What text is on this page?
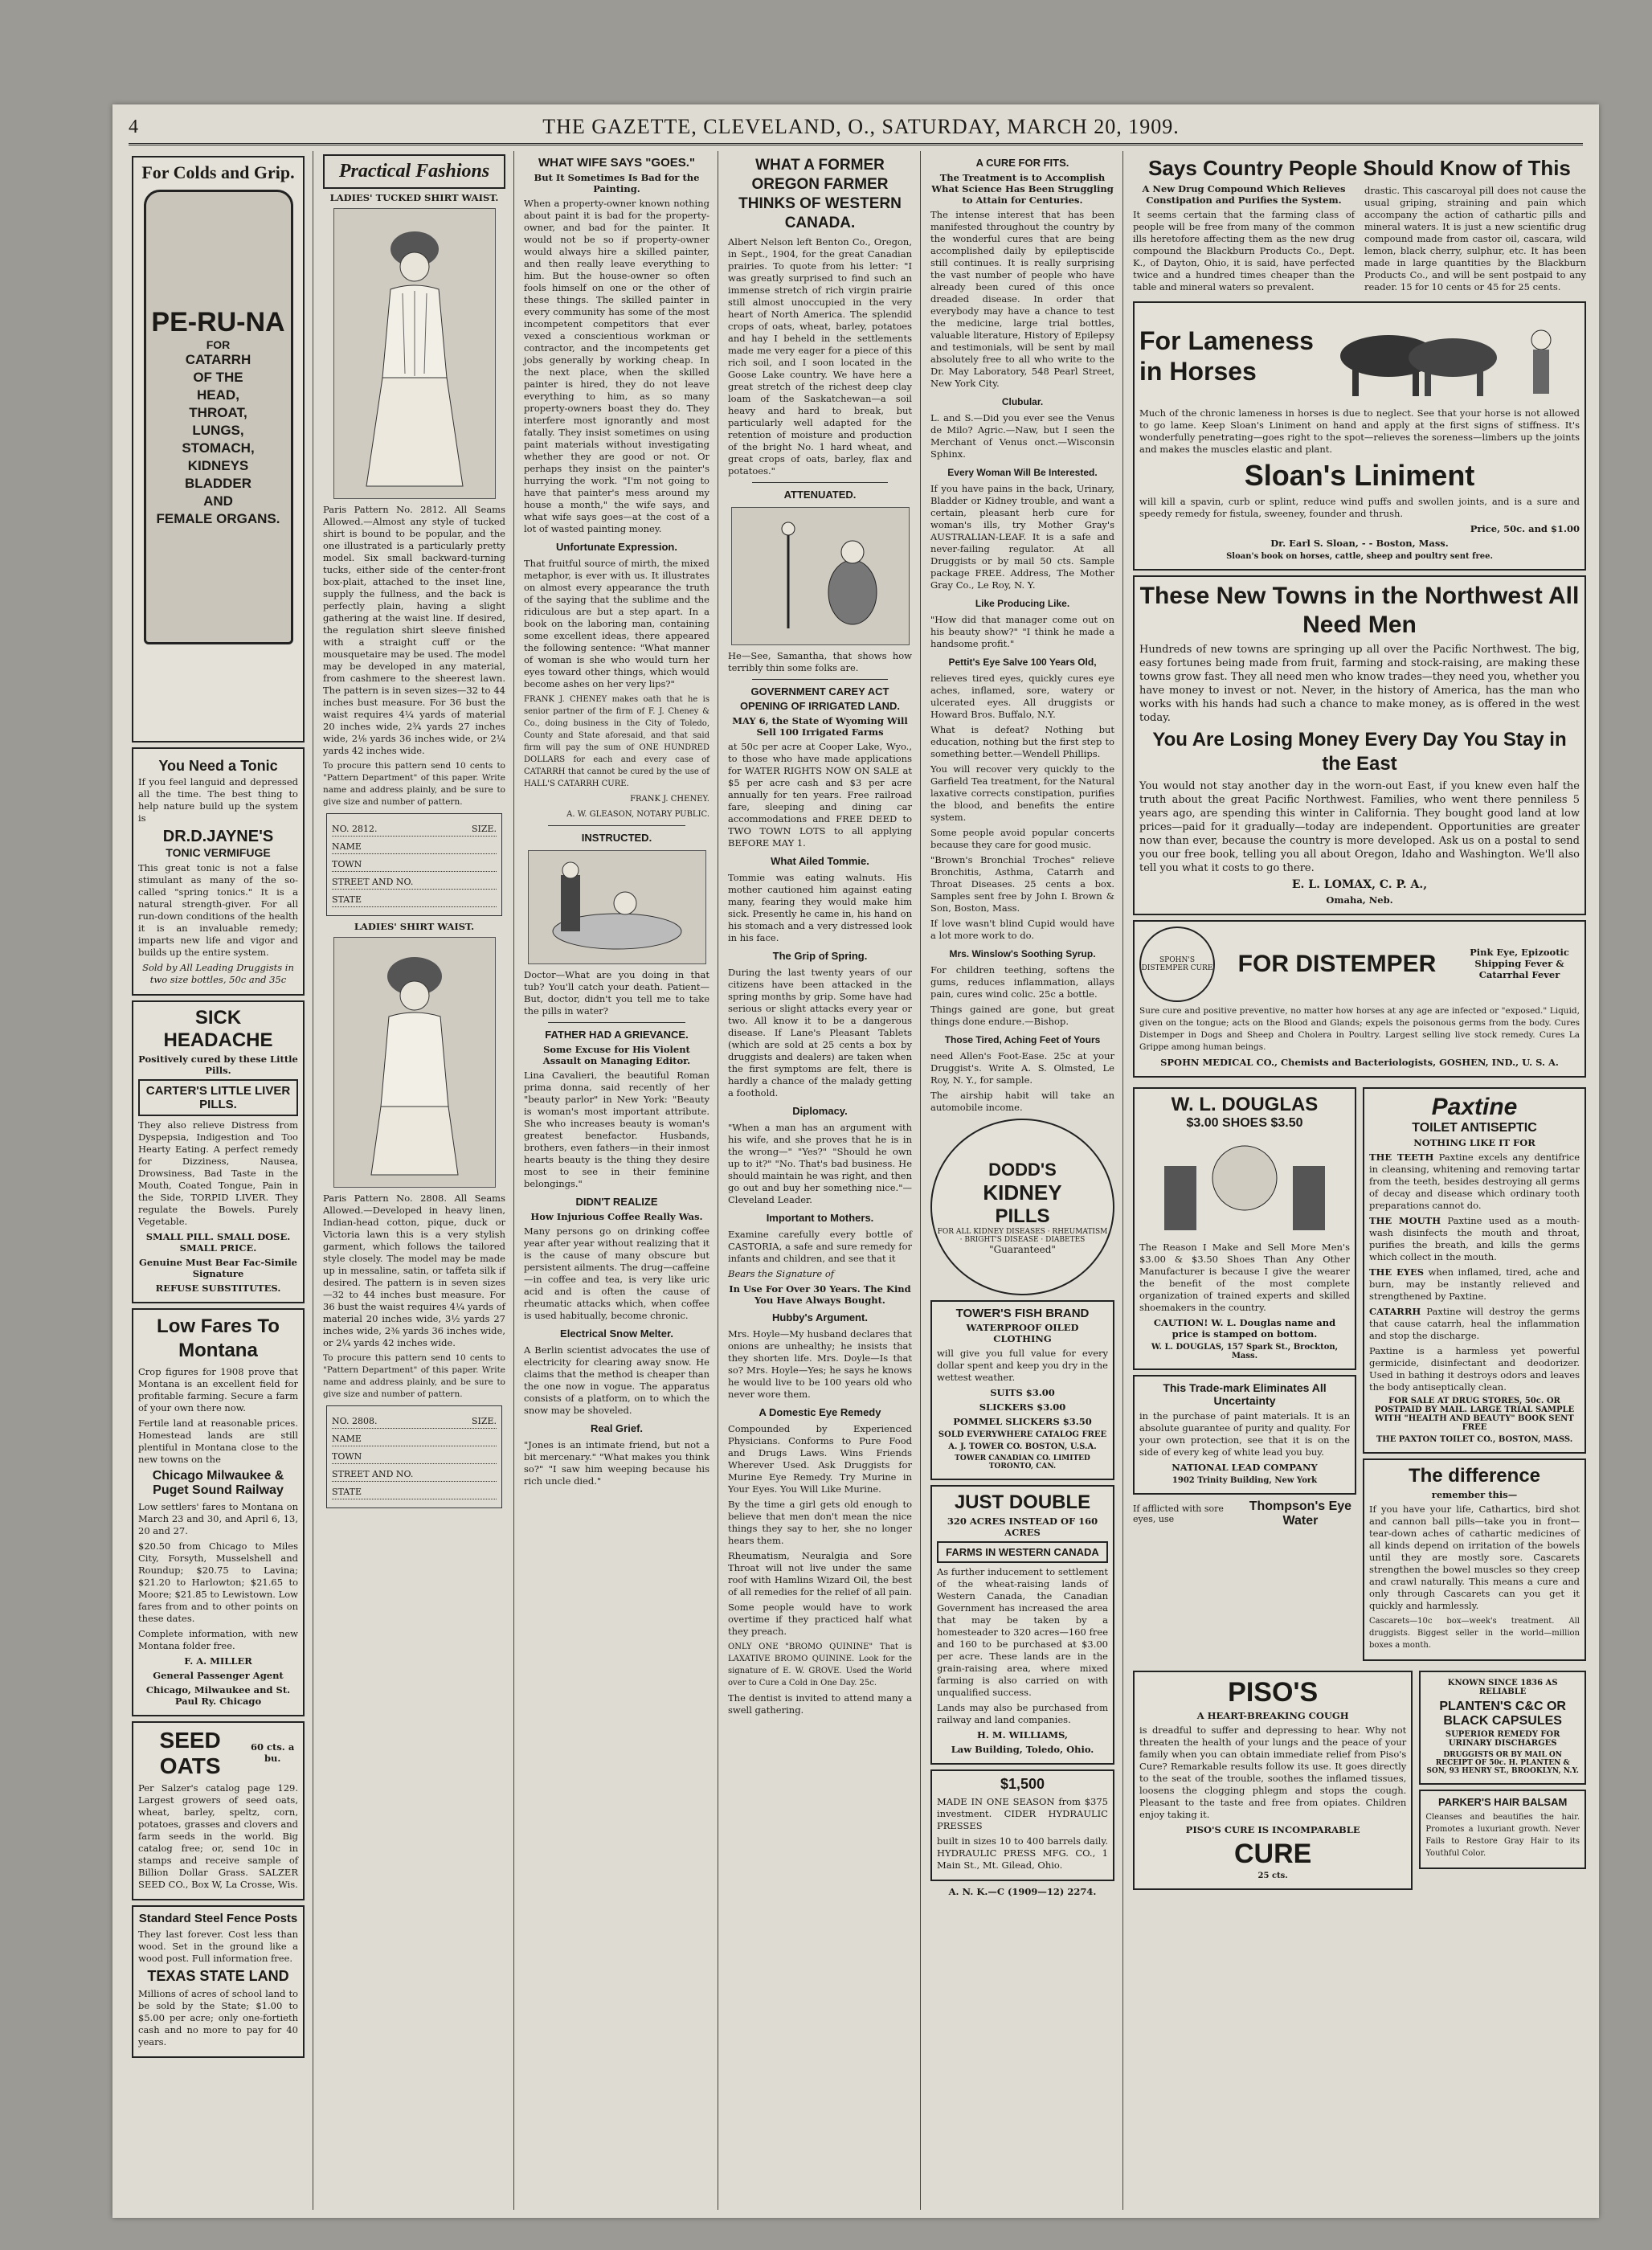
4	THE GAZETTE, CLEVELAND, O., SATURDAY, MARCH 20, 1909.
For Colds and Grip.
PE-RU-NA
FOR
CATARRH
OF THE
HEAD,
THROAT,
LUNGS,
STOMACH,
KIDNEYS
BLADDER
AND
FEMALE ORGANS.
You Need a Tonic
If you feel languid and depressed all the time. The best thing to help nature build up the system is
DR.D.JAYNE'S
TONIC VERMIFUGE
This great tonic is not a false stimulant as many of the so-called "spring tonics." It is a natural strength-giver. For all run-down conditions of the health it is an invaluable remedy; imparts new life and vigor and builds up the entire system.
Sold by All Leading Druggists in two size bottles, 50c and 35c
SICK HEADACHE
Positively cured by these Little Pills.
CARTER'S LITTLE LIVER PILLS.
They also relieve Distress from Dyspepsia, Indigestion and Too Hearty Eating. A perfect remedy for Dizziness, Nausea, Drowsiness, Bad Taste in the Mouth, Coated Tongue, Pain in the Side, TORPID LIVER. They regulate the Bowels. Purely Vegetable.
SMALL PILL. SMALL DOSE. SMALL PRICE.
Genuine Must Bear Fac-Simile Signature
REFUSE SUBSTITUTES.
Low Fares To Montana
Crop figures for 1908 prove that Montana is an excellent field for profitable farming. Secure a farm of your own there now.
Fertile land at reasonable prices. Homestead lands are still plentiful in Montana close to the new towns on the
Chicago Milwaukee & Puget Sound Railway
Low settlers' fares to Montana on March 23 and 30, and April 6, 13, 20 and 27.
$20.50 from Chicago to Miles City, Forsyth, Musselshell and Roundup; $20.75 to Lavina; $21.20 to Harlowton; $21.65 to Moore; $21.85 to Lewistown. Low fares from and to other points on these dates.
Complete information, with new Montana folder free.
F. A. MILLER
General Passenger Agent
Chicago, Milwaukee and St. Paul Ry. Chicago
SEED OATS
60 cts. a bu.
Per Salzer's catalog page 129. Largest growers of seed oats, wheat, barley, speltz, corn, potatoes, grasses and clovers and farm seeds in the world. Big catalog free; or, send 10c in stamps and receive sample of Billion Dollar Grass. SALZER SEED CO., Box W, La Crosse, Wis.
Standard Steel Fence Posts
They last forever. Cost less than wood. Set in the ground like a wood post. Full information free.
TEXAS STATE LAND
Millions of acres of school land to be sold by the State; $1.00 to $5.00 per acre; only one-fortieth cash and no more to pay for 40 years.
Practical Fashions
LADIES' TUCKED SHIRT WAIST.
Paris Pattern No. 2812. All Seams Allowed.—Almost any style of tucked shirt is bound to be popular, and the one illustrated is a particularly pretty model. Six small backward-turning tucks, either side of the center-front box-plait, attached to the inset line, supply the fullness, and the back is perfectly plain, having a slight gathering at the waist line. If desired, the regulation shirt sleeve finished with a straight cuff or the mousquetaire may be used. The model may be developed in any material, from cashmere to the sheerest lawn. The pattern is in seven sizes—32 to 44 inches bust measure. For 36 bust the waist requires 4¼ yards of material 20 inches wide, 2¾ yards 27 inches wide, 2⅛ yards 36 inches wide, or 2¼ yards 42 inches wide.
To procure this pattern send 10 cents to "Pattern Department" of this paper. Write name and address plainly, and be sure to give size and number of pattern.
NO. 2812.	SIZE.
NAME
TOWN
STREET AND NO.
STATE
LADIES' SHIRT WAIST.
Paris Pattern No. 2808. All Seams Allowed.—Developed in heavy linen, Indian-head cotton, pique, duck or Victoria lawn this is a very stylish garment, which follows the tailored style closely. The model may be made up in messaline, satin, or taffeta silk if desired. The pattern is in seven sizes—32 to 44 inches bust measure. For 36 bust the waist requires 4¼ yards of material 20 inches wide, 3½ yards 27 inches wide, 2⅜ yards 36 inches wide, or 2¼ yards 42 inches wide.
To procure this pattern send 10 cents to "Pattern Department" of this paper. Write name and address plainly, and be sure to give size and number of pattern.
NO. 2808.	SIZE.
NAME
TOWN
STREET AND NO.
STATE
WHAT WIFE SAYS "GOES."
But It Sometimes Is Bad for the Painting.
When a property-owner known nothing about paint it is bad for the property-owner, and bad for the painter. It would not be so if property-owner would always hire a skilled painter, and then really leave everything to him. But the house-owner so often fools himself on one or the other of these things. The skilled painter in every community has some of the most incompetent competitors that ever vexed a conscientious workman or contractor, and the incompetents get jobs generally by working cheap. In the next place, when the skilled painter is hired, they do not leave everything to him, as so many property-owners boast they do. They interfere most ignorantly and most fatally. They insist sometimes on using paint materials without investigating whether they are good or not. Or perhaps they insist on the painter's hurrying the work. "I'm not going to have that painter's mess around my house a month," the wife says, and what wife says goes—at the cost of a lot of wasted painting money.
Unfortunate Expression.
That fruitful source of mirth, the mixed metaphor, is ever with us. It illustrates on almost every appearance the truth of the saying that the sublime and the ridiculous are but a step apart. In a book on the laboring man, containing some excellent ideas, there appeared the following sentence: "What manner of woman is she who would turn her eyes toward other things, which would become ashes on her very lips?"
FRANK J. CHENEY makes oath that he is senior partner of the firm of F. J. Cheney & Co., doing business in the City of Toledo, County and State aforesaid, and that said firm will pay the sum of ONE HUNDRED DOLLARS for each and every case of CATARRH that cannot be cured by the use of HALL'S CATARRH CURE.
FRANK J. CHENEY.
A. W. GLEASON, NOTARY PUBLIC.
INSTRUCTED.
Doctor—What are you doing in that tub? You'll catch your death. Patient—But, doctor, didn't you tell me to take the pills in water?
FATHER HAD A GRIEVANCE.
Some Excuse for His Violent Assault on Managing Editor.
Lina Cavalieri, the beautiful Roman prima donna, said recently of her "beauty parlor" in New York: "Beauty is woman's most important attribute. She who increases beauty is woman's greatest benefactor. Husbands, brothers, even fathers—in their inmost hearts beauty is the thing they desire most to see in their feminine belongings."
DIDN'T REALIZE
How Injurious Coffee Really Was.
Many persons go on drinking coffee year after year without realizing that it is the cause of many obscure but persistent ailments. The drug—caffeine—in coffee and tea, is very like uric acid and is often the cause of rheumatic attacks which, when coffee is used habitually, become chronic.
Electrical Snow Melter.
A Berlin scientist advocates the use of electricity for clearing away snow. He claims that the method is cheaper than the one now in vogue. The apparatus consists of a platform, on to which the snow may be shoveled.
Real Grief.
"Jones is an intimate friend, but not a bit mercenary." "What makes you think so?" "I saw him weeping because his rich uncle died."
WHAT A FORMER OREGON FARMER THINKS OF WESTERN CANADA.
Albert Nelson left Benton Co., Oregon, in Sept., 1904, for the great Canadian prairies. To quote from his letter: "I was greatly surprised to find such an immense stretch of rich virgin prairie still almost unoccupied in the very heart of North America. The splendid crops of oats, wheat, barley, potatoes and hay I beheld in the settlements made me very eager for a piece of this rich soil, and I soon located in the Goose Lake country. We have here a great stretch of the richest deep clay loam of the Saskatchewan—a soil heavy and hard to break, but particularly well adapted for the retention of moisture and production of the bright No. 1 hard wheat, and great crops of oats, barley, flax and potatoes."
ATTENUATED.
He—See, Samantha, that shows how terribly thin some folks are.
GOVERNMENT CAREY ACT OPENING OF IRRIGATED LAND.
MAY 6, the State of Wyoming Will Sell 100 Irrigated Farms
at 50c per acre at Cooper Lake, Wyo., to those who have made applications for WATER RIGHTS NOW ON SALE at $5 per acre cash and $3 per acre annually for ten years. Free railroad fare, sleeping and dining car accommodations and FREE DEED to TWO TOWN LOTS to all applying BEFORE MAY 1.
What Ailed Tommie.
Tommie was eating walnuts. His mother cautioned him against eating many, fearing they would make him sick. Presently he came in, his hand on his stomach and a very distressed look in his face.
The Grip of Spring.
During the last twenty years of our citizens have been attacked in the spring months by grip. Some have had serious or slight attacks every year or two. All know it to be a dangerous disease. If Lane's Pleasant Tablets (which are sold at 25 cents a box by druggists and dealers) are taken when the first symptoms are felt, there is hardly a chance of the malady getting a foothold.
Diplomacy.
"When a man has an argument with his wife, and she proves that he is in the wrong—" "Yes?" "Should he own up to it?" "No. That's bad business. He should maintain he was right, and then go out and buy her something nice."—Cleveland Leader.
Important to Mothers.
Examine carefully every bottle of CASTORIA, a safe and sure remedy for infants and children, and see that it
Bears the Signature of
In Use For Over 30 Years. The Kind You Have Always Bought.
Hubby's Argument.
Mrs. Hoyle—My husband declares that onions are unhealthy; he insists that they shorten life. Mrs. Doyle—Is that so? Mrs. Hoyle—Yes; he says he knows he would live to be 100 years old who never wore them.
A Domestic Eye Remedy
Compounded by Experienced Physicians. Conforms to Pure Food and Drugs Laws. Wins Friends Wherever Used. Ask Druggists for Murine Eye Remedy. Try Murine in Your Eyes. You Will Like Murine.
By the time a girl gets old enough to believe that men don't mean the nice things they say to her, she no longer hears them.
Rheumatism, Neuralgia and Sore Throat will not live under the same roof with Hamlins Wizard Oil, the best of all remedies for the relief of all pain.
Some people would have to work overtime if they practiced half what they preach.
ONLY ONE "BROMO QUININE" That is LAXATIVE BROMO QUININE. Look for the signature of E. W. GROVE. Used the World over to Cure a Cold in One Day. 25c.
The dentist is invited to attend many a swell gathering.
A CURE FOR FITS.
The Treatment is to Accomplish What Science Has Been Struggling to Attain for Centuries.
The intense interest that has been manifested throughout the country by the wonderful cures that are being accomplished daily by epileptiscide still continues. It is really surprising the vast number of people who have already been cured of this once dreaded disease. In order that everybody may have a chance to test the medicine, large trial bottles, valuable literature, History of Epilepsy and testimonials, will be sent by mail absolutely free to all who write to the Dr. May Laboratory, 548 Pearl Street, New York City.
Clubular.
L. and S.—Did you ever see the Venus de Milo? Agric.—Naw, but I seen the Merchant of Venus onct.—Wisconsin Sphinx.
Every Woman Will Be Interested.
If you have pains in the back, Urinary, Bladder or Kidney trouble, and want a certain, pleasant herb cure for woman's ills, try Mother Gray's AUSTRALIAN-LEAF. It is a safe and never-failing regulator. At all Druggists or by mail 50 cts. Sample package FREE. Address, The Mother Gray Co., Le Roy, N. Y.
Like Producing Like.
"How did that manager come out on his beauty show?" "I think he made a handsome profit."
Pettit's Eye Salve 100 Years Old,
relieves tired eyes, quickly cures eye aches, inflamed, sore, watery or ulcerated eyes. All druggists or Howard Bros. Buffalo, N.Y.
What is defeat? Nothing but education, nothing but the first step to something better.—Wendell Phillips.
You will recover very quickly to the Garfield Tea treatment, for the Natural laxative corrects constipation, purifies the blood, and benefits the entire system.
Some people avoid popular concerts because they care for good music.
"Brown's Bronchial Troches" relieve Bronchitis, Asthma, Catarrh and Throat Diseases. 25 cents a box. Samples sent free by John I. Brown & Son, Boston, Mass.
If love wasn't blind Cupid would have a lot more work to do.
Mrs. Winslow's Soothing Syrup.
For children teething, softens the gums, reduces inflammation, allays pain, cures wind colic. 25c a bottle.
Things gained are gone, but great things done endure.—Bishop.
Those Tired, Aching Feet of Yours
need Allen's Foot-Ease. 25c at your Druggist's. Write A. S. Olmsted, Le Roy, N. Y., for sample.
The airship habit will take an automobile income.
DODD'S
KIDNEY
PILLS
FOR ALL KIDNEY DISEASES · RHEUMATISM · BRIGHT'S DISEASE · DIABETES
"Guaranteed"
TOWER'S FISH BRAND
WATERPROOF OILED CLOTHING
will give you full value for every dollar spent and keep you dry in the wettest weather.
SUITS $3.00
SLICKERS $3.00
POMMEL SLICKERS $3.50
SOLD EVERYWHERE CATALOG FREE
A. J. TOWER CO. BOSTON, U.S.A.
TOWER CANADIAN CO. LIMITED TORONTO, CAN.
JUST DOUBLE
320 ACRES INSTEAD OF 160 ACRES
FARMS IN WESTERN CANADA
As further inducement to settlement of the wheat-raising lands of Western Canada, the Canadian Government has increased the area that may be taken by a homesteader to 320 acres—160 free and 160 to be purchased at $3.00 per acre. These lands are in the grain-raising area, where mixed farming is also carried on with unqualified success.
Lands may also be purchased from railway and land companies.
H. M. WILLIAMS,
Law Building, Toledo, Ohio.
$1,500
MADE IN ONE SEASON from $375 investment. CIDER HYDRAULIC PRESSES
built in sizes 10 to 400 barrels daily. HYDRAULIC PRESS MFG. CO., 1 Main St., Mt. Gilead, Ohio.
A. N. K.—C (1909—12) 2274.
Says Country People Should Know of This
A New Drug Compound Which Relieves Constipation and Purifies the System.
It seems certain that the farming class of people will be free from many of the common ills heretofore affecting them as the new drug compound the Blackburn Products Co., Dept. K., of Dayton, Ohio, it is said, have perfected twice and a hundred times cheaper than the table and mineral waters so prevalent.
drastic. This cascaroyal pill does not cause the usual griping, straining and pain which accompany the action of cathartic pills and mineral waters. It is just a new scientific drug compound made from castor oil, cascara, wild lemon, black cherry, sulphur, etc. It has been made in large quantities by the Blackburn Products Co., and will be sent postpaid to any reader. 15 for 10 cents or 45 for 25 cents.
For Lameness in Horses
Much of the chronic lameness in horses is due to neglect. See that your horse is not allowed to go lame. Keep Sloan's Liniment on hand and apply at the first signs of stiffness. It's wonderfully penetrating—goes right to the spot—relieves the soreness—limbers up the joints and makes the muscles elastic and plant.
Sloan's Liniment
will kill a spavin, curb or splint, reduce wind puffs and swollen joints, and is a sure and speedy remedy for fistula, sweeney, founder and thrush.
Price, 50c. and $1.00
Dr. Earl S. Sloan, - - Boston, Mass.
Sloan's book on horses, cattle, sheep and poultry sent free.
These New Towns in the Northwest All Need Men
Hundreds of new towns are springing up all over the Pacific Northwest. The big, easy fortunes being made from fruit, farming and stock-raising, are making these towns grow fast. They all need men who know trades—they need you, whether you have money to invest or not. Never, in the history of America, has the man who works with his hands had such a chance to make money, as is offered in the west today.
You Are Losing Money Every Day You Stay in the East
You would not stay another day in the worn-out East, if you knew even half the truth about the great Pacific Northwest. Families, who went there penniless 5 years ago, are spending this winter in California. They bought good land at low prices—paid for it gradually—today are independent. Opportunities are greater now than ever, because the country is more developed. Ask us on a postal to send you our free book, telling you all about Oregon, Idaho and Washington. We'll also tell you what it costs to go there.
E. L. LOMAX, C. P. A.,
Omaha, Neb.
SPOHN'S DISTEMPER CURE	FOR DISTEMPER	Pink Eye, Epizootic Shipping Fever & Catarrhal Fever
Sure cure and positive preventive, no matter how horses at any age are infected or "exposed." Liquid, given on the tongue; acts on the Blood and Glands; expels the poisonous germs from the body. Cures Distemper in Dogs and Sheep and Cholera in Poultry. Largest selling live stock remedy. Cures La Grippe among human beings.
SPOHN MEDICAL CO., Chemists and Bacteriologists, GOSHEN, IND., U. S. A.
W. L. DOUGLAS
$3.00 SHOES $3.50
The Reason I Make and Sell More Men's $3.00 & $3.50 Shoes Than Any Other Manufacturer is because I give the wearer the benefit of the most complete organization of trained experts and skilled shoemakers in the country.
CAUTION! W. L. Douglas name and price is stamped on bottom.
W. L. DOUGLAS, 157 Spark St., Brockton, Mass.
This Trade-mark Eliminates All Uncertainty
in the purchase of paint materials. It is an absolute guarantee of purity and quality. For your own protection, see that it is on the side of every keg of white lead you buy.
NATIONAL LEAD COMPANY
1902 Trinity Building, New York
If afflicted with sore eyes, use
Thompson's Eye Water
Paxtine
TOILET ANTISEPTIC
NOTHING LIKE IT FOR
THE TEETH Paxtine excels any dentifrice in cleansing, whitening and removing tartar from the teeth, besides destroying all germs of decay and disease which ordinary tooth preparations cannot do.
THE MOUTH Paxtine used as a mouth-wash disinfects the mouth and throat, purifies the breath, and kills the germs which collect in the mouth.
THE EYES when inflamed, tired, ache and burn, may be instantly relieved and strengthened by Paxtine.
CATARRH Paxtine will destroy the germs that cause catarrh, heal the inflammation and stop the discharge.
Paxtine is a harmless yet powerful germicide, disinfectant and deodorizer. Used in bathing it destroys odors and leaves the body antiseptically clean.
FOR SALE AT DRUG STORES, 50c. OR POSTPAID BY MAIL. LARGE TRIAL SAMPLE WITH "HEALTH AND BEAUTY" BOOK SENT FREE
THE PAXTON TOILET CO., BOSTON, MASS.
The difference
remember this—
If you have your life, Cathartics, bird shot and cannon ball pills—take you in front—tear-down aches of cathartic medicines of all kinds depend on irritation of the bowels until they are mostly sore. Cascarets strengthen the bowel muscles so they creep and crawl naturally. This means a cure and only through Cascarets can you get it quickly and harmlessly.
Cascarets—10c box—week's treatment. All druggists. Biggest seller in the world—million boxes a month.
PISO'S
A HEART-BREAKING COUGH
is dreadful to suffer and depressing to hear. Why not threaten the health of your lungs and the peace of your family when you can obtain immediate relief from Piso's Cure? Remarkable results follow its use. It goes directly to the seat of the trouble, soothes the inflamed tissues, loosens the clogging phlegm and stops the cough. Pleasant to the taste and free from opiates. Children enjoy taking it.
PISO'S CURE IS INCOMPARABLE
CURE
25 cts.
KNOWN SINCE 1836 AS RELIABLE
PLANTEN'S C&C OR BLACK CAPSULES
SUPERIOR REMEDY FOR URINARY DISCHARGES
DRUGGISTS OR BY MAIL ON RECEIPT OF 50c. H. PLANTEN & SON, 93 HENRY ST., BROOKLYN, N.Y.
PARKER'S HAIR BALSAM
Cleanses and beautifies the hair. Promotes a luxuriant growth. Never Fails to Restore Gray Hair to its Youthful Color.
